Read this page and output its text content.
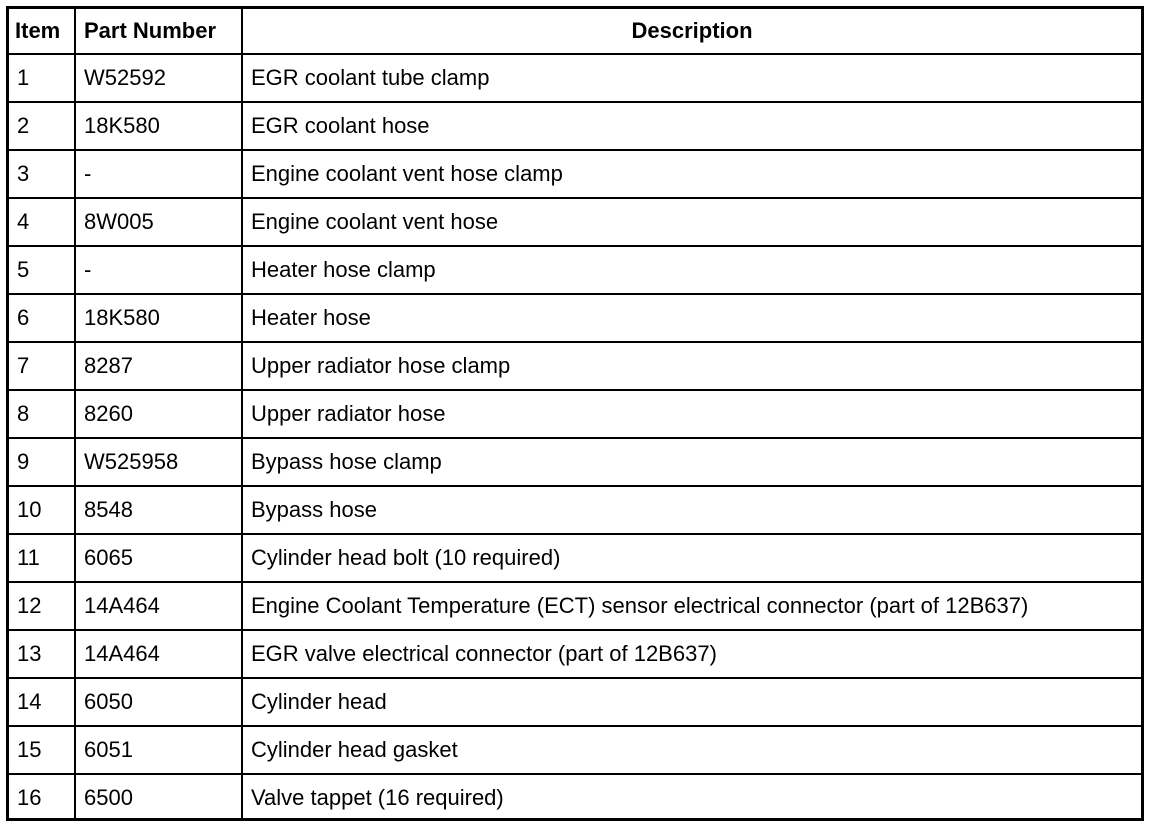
Item	Part Number	Description
1	W52592	EGR coolant tube clamp
2	18K580	EGR coolant hose
3	-	Engine coolant vent hose clamp
4	8W005	Engine coolant vent hose
5	-	Heater hose clamp
6	18K580	Heater hose
7	8287	Upper radiator hose clamp
8	8260	Upper radiator hose
9	W525958	Bypass hose clamp
10	8548	Bypass hose
11	6065	Cylinder head bolt (10 required)
12	14A464	Engine Coolant Temperature (ECT) sensor electrical connector (part of 12B637)
13	14A464	EGR valve electrical connector (part of 12B637)
14	6050	Cylinder head
15	6051	Cylinder head gasket
16	6500	Valve tappet (16 required)
